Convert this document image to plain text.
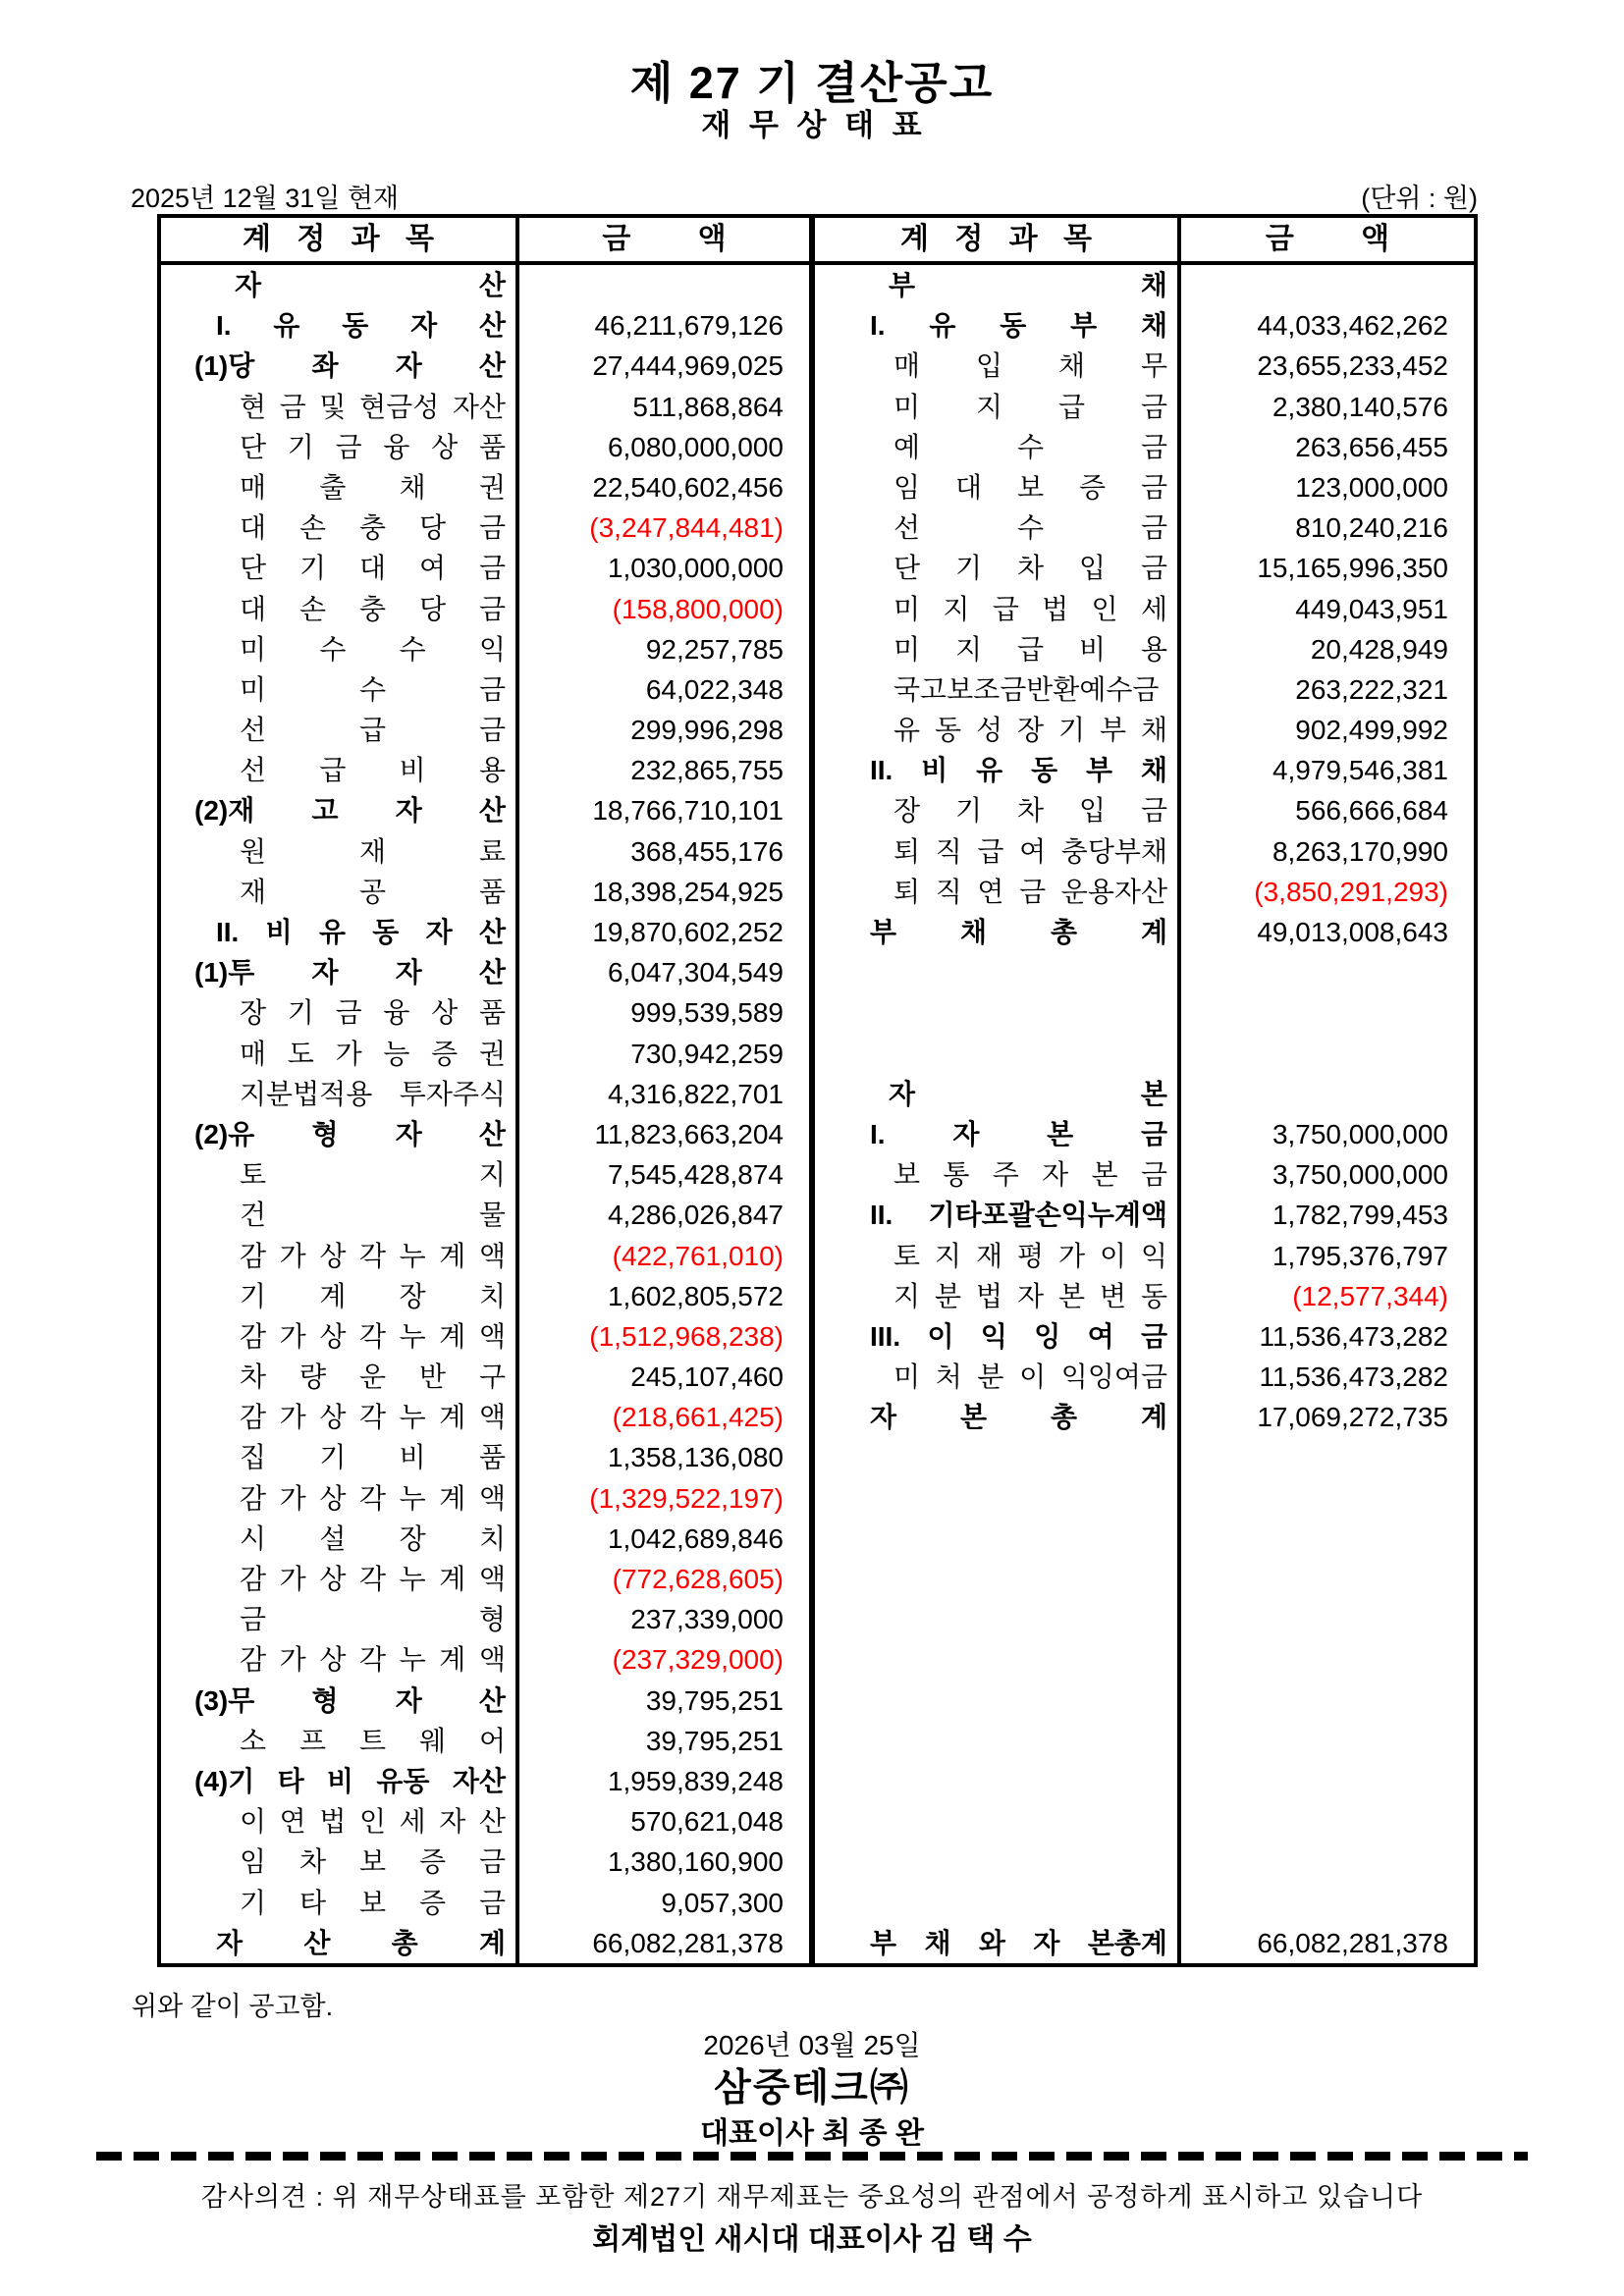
제 27 기 결산공고
재 무 상 태 표
2025년 12월 31일 현재	(단위 : 원)
계 정 과 목	금 액	계 정 과 목	금 액
자 산	부 채
I. 유 동 자 산	46,211,679,126	I. 유 동 부 채	44,033,462,262
(1)당 좌 자 산	27,444,969,025	매 입 채 무	23,655,233,452
현 금 및 현금성 자산	511,868,864	미 지 급 금	2,380,140,576
단 기 금 융 상 품	6,080,000,000	예 수 금	263,656,455
매 출 채 권	22,540,602,456	임 대 보 증 금	123,000,000
대 손 충 당 금	(3,247,844,481)	선 수 금	810,240,216
단 기 대 여 금	1,030,000,000	단 기 차 입 금	15,165,996,350
대 손 충 당 금	(158,800,000)	미 지 급 법 인 세	449,043,951
미 수 수 익	92,257,785	미 지 급 비 용	20,428,949
미 수 금	64,022,348	국고보조금반환예수금	263,222,321
선 급 금	299,996,298	유 동 성 장 기 부 채	902,499,992
선 급 비 용	232,865,755	II. 비 유 동 부 채	4,979,546,381
(2)재 고 자 산	18,766,710,101	장 기 차 입 금	566,666,684
원 재 료	368,455,176	퇴 직 급 여 충당부채	8,263,170,990
재 공 품	18,398,254,925	퇴 직 연 금 운용자산	(3,850,291,293)
II. 비 유 동 자 산	19,870,602,252	부 채 총 계	49,013,008,643
(1)투 자 자 산	6,047,304,549
장 기 금 융 상 품	999,539,589
매 도 가 능 증 권	730,942,259
지분법적용 투자주식	4,316,822,701	자 본
(2)유 형 자 산	11,823,663,204	I. 자 본 금	3,750,000,000
토 지	7,545,428,874	보 통 주 자 본 금	3,750,000,000
건 물	4,286,026,847	II. 기타포괄손익누계액	1,782,799,453
감 가 상 각 누 계 액	(422,761,010)	토 지 재 평 가 이 익	1,795,376,797
기 계 장 치	1,602,805,572	지 분 법 자 본 변 동	(12,577,344)
감 가 상 각 누 계 액	(1,512,968,238)	III. 이 익 잉 여 금	11,536,473,282
차 량 운 반 구	245,107,460	미 처 분 이 익잉여금	11,536,473,282
감 가 상 각 누 계 액	(218,661,425)	자 본 총 계	17,069,272,735
집 기 비 품	1,358,136,080
감 가 상 각 누 계 액	(1,329,522,197)
시 설 장 치	1,042,689,846
감 가 상 각 누 계 액	(772,628,605)
금 형	237,339,000
감 가 상 각 누 계 액	(237,329,000)
(3)무 형 자 산	39,795,251
소 프 트 웨 어	39,795,251
(4)기 타 비 유동 자산	1,959,839,248
이 연 법 인 세 자 산	570,621,048
임 차 보 증 금	1,380,160,900
기 타 보 증 금	9,057,300
자 산 총 계	66,082,281,378	부 채 와 자 본총계	66,082,281,378
위와 같이 공고함.
2026년 03월 25일
삼중테크㈜
대표이사 최 종 완
감사의견 : 위 재무상태표를 포함한 제27기 재무제표는 중요성의 관점에서 공정하게 표시하고 있습니다
회계법인 새시대 대표이사 김 택 수
